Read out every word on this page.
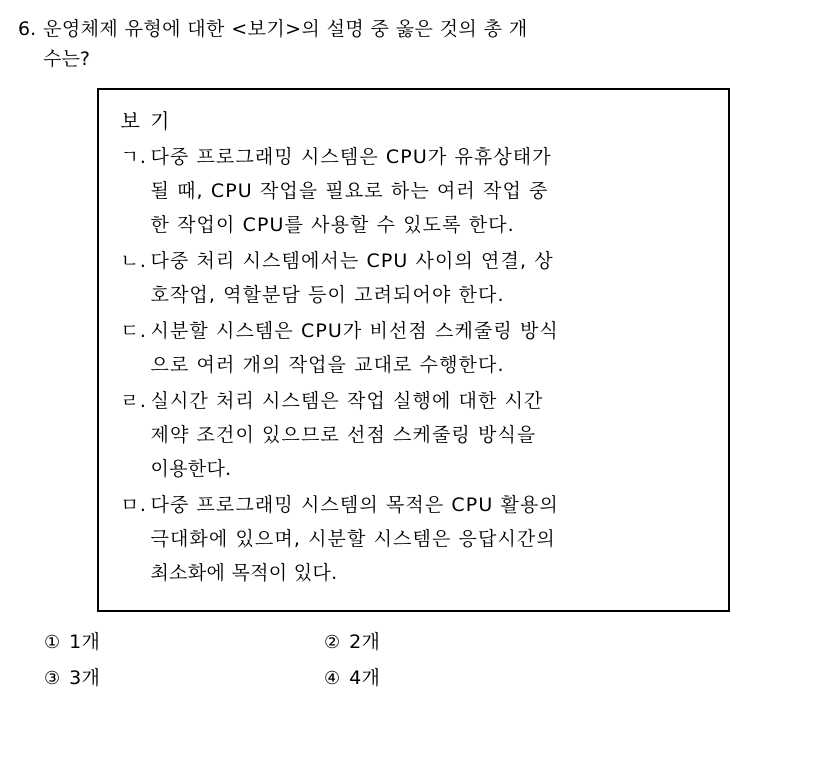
6. 운영체제 유형에 대한 <보기>의 설명 중 옳은 것의 총 개
수는?
보 기
ㄱ. 다중 프로그래밍 시스템은 CPU가 유휴상태가
될 때, CPU 작업을 필요로 하는 여러 작업 중
한 작업이 CPU를 사용할 수 있도록 한다.
ㄴ. 다중 처리 시스템에서는 CPU 사이의 연결, 상
호작업, 역할분담 등이 고려되어야 한다.
ㄷ. 시분할 시스템은 CPU가 비선점 스케줄링 방식
으로 여러 개의 작업을 교대로 수행한다.
ㄹ. 실시간 처리 시스템은 작업 실행에 대한 시간
제약 조건이 있으므로 선점 스케줄링 방식을
이용한다.
ㅁ. 다중 프로그래밍 시스템의 목적은 CPU 활용의
극대화에 있으며, 시분할 시스템은 응답시간의
최소화에 목적이 있다.
① 1개	② 2개
③ 3개	④ 4개
